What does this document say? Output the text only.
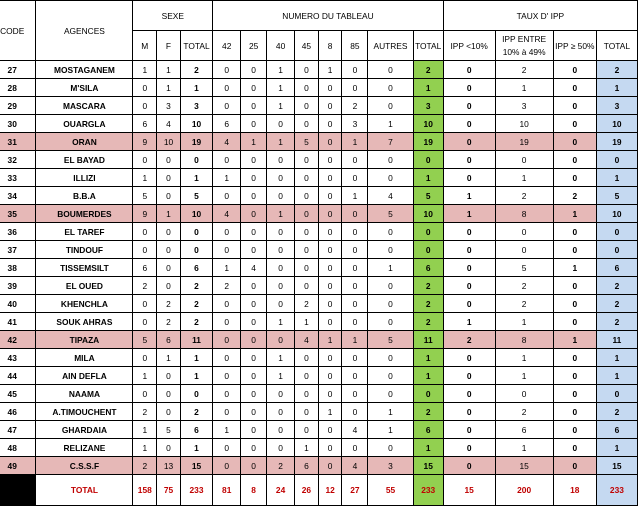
CODE	AGENCES	SEXE			NUMERO DU TABLEAU								TAUX D' IPP			
		M	F	TOTAL	42	25	40	45	8	85	AUTRES	TOTAL	IPP <10%	IPP ENTRE 10% à 49%	IPP ≥ 50%	TOTAL
27	MOSTAGANEM	1	1	2	0	0	1	0	1	0	0	2	0	2	0	2
28	M'SILA	0	1	1	0	0	1	0	0	0	0	1	0	1	0	1
29	MASCARA	0	3	3	0	0	1	0	0	2	0	3	0	3	0	3
30	OUARGLA	6	4	10	6	0	0	0	0	3	1	10	0	10	0	10
31	ORAN	9	10	19	4	1	1	5	0	1	7	19	0	19	0	19
32	EL BAYAD	0	0	0	0	0	0	0	0	0	0	0	0	0	0	0
33	ILLIZI	1	0	1	1	0	0	0	0	0	0	1	0	1	0	1
34	B.B.A	5	0	5	0	0	0	0	0	1	4	5	1	2	2	5
35	BOUMERDES	9	1	10	4	0	1	0	0	0	5	10	1	8	1	10
36	EL TAREF	0	0	0	0	0	0	0	0	0	0	0	0	0	0	0
37	TINDOUF	0	0	0	0	0	0	0	0	0	0	0	0	0	0	0
38	TISSEMSILT	6	0	6	1	4	0	0	0	0	1	6	0	5	1	6
39	EL OUED	2	0	2	2	0	0	0	0	0	0	2	0	2	0	2
40	KHENCHLA	0	2	2	0	0	0	2	0	0	0	2	0	2	0	2
41	SOUK AHRAS	0	2	2	0	0	1	1	0	0	0	2	1	1	0	2
42	TIPAZA	5	6	11	0	0	0	4	1	1	5	11	2	8	1	11
43	MILA	0	1	1	0	0	1	0	0	0	0	1	0	1	0	1
44	AIN DEFLA	1	0	1	0	0	1	0	0	0	0	1	0	1	0	1
45	NAAMA	0	0	0	0	0	0	0	0	0	0	0	0	0	0	0
46	A.TIMOUCHENT	2	0	2	0	0	0	0	1	0	1	2	0	2	0	2
47	GHARDAIA	1	5	6	1	0	0	0	0	4	1	6	0	6	0	6
48	RELIZANE	1	0	1	0	0	0	1	0	0	0	1	0	1	0	1
49	C.S.S.F	2	13	15	0	0	2	6	0	4	3	15	0	15	0	15
	TOTAL	158	75	233	81	8	24	26	12	27	55	233	15	200	18	233
